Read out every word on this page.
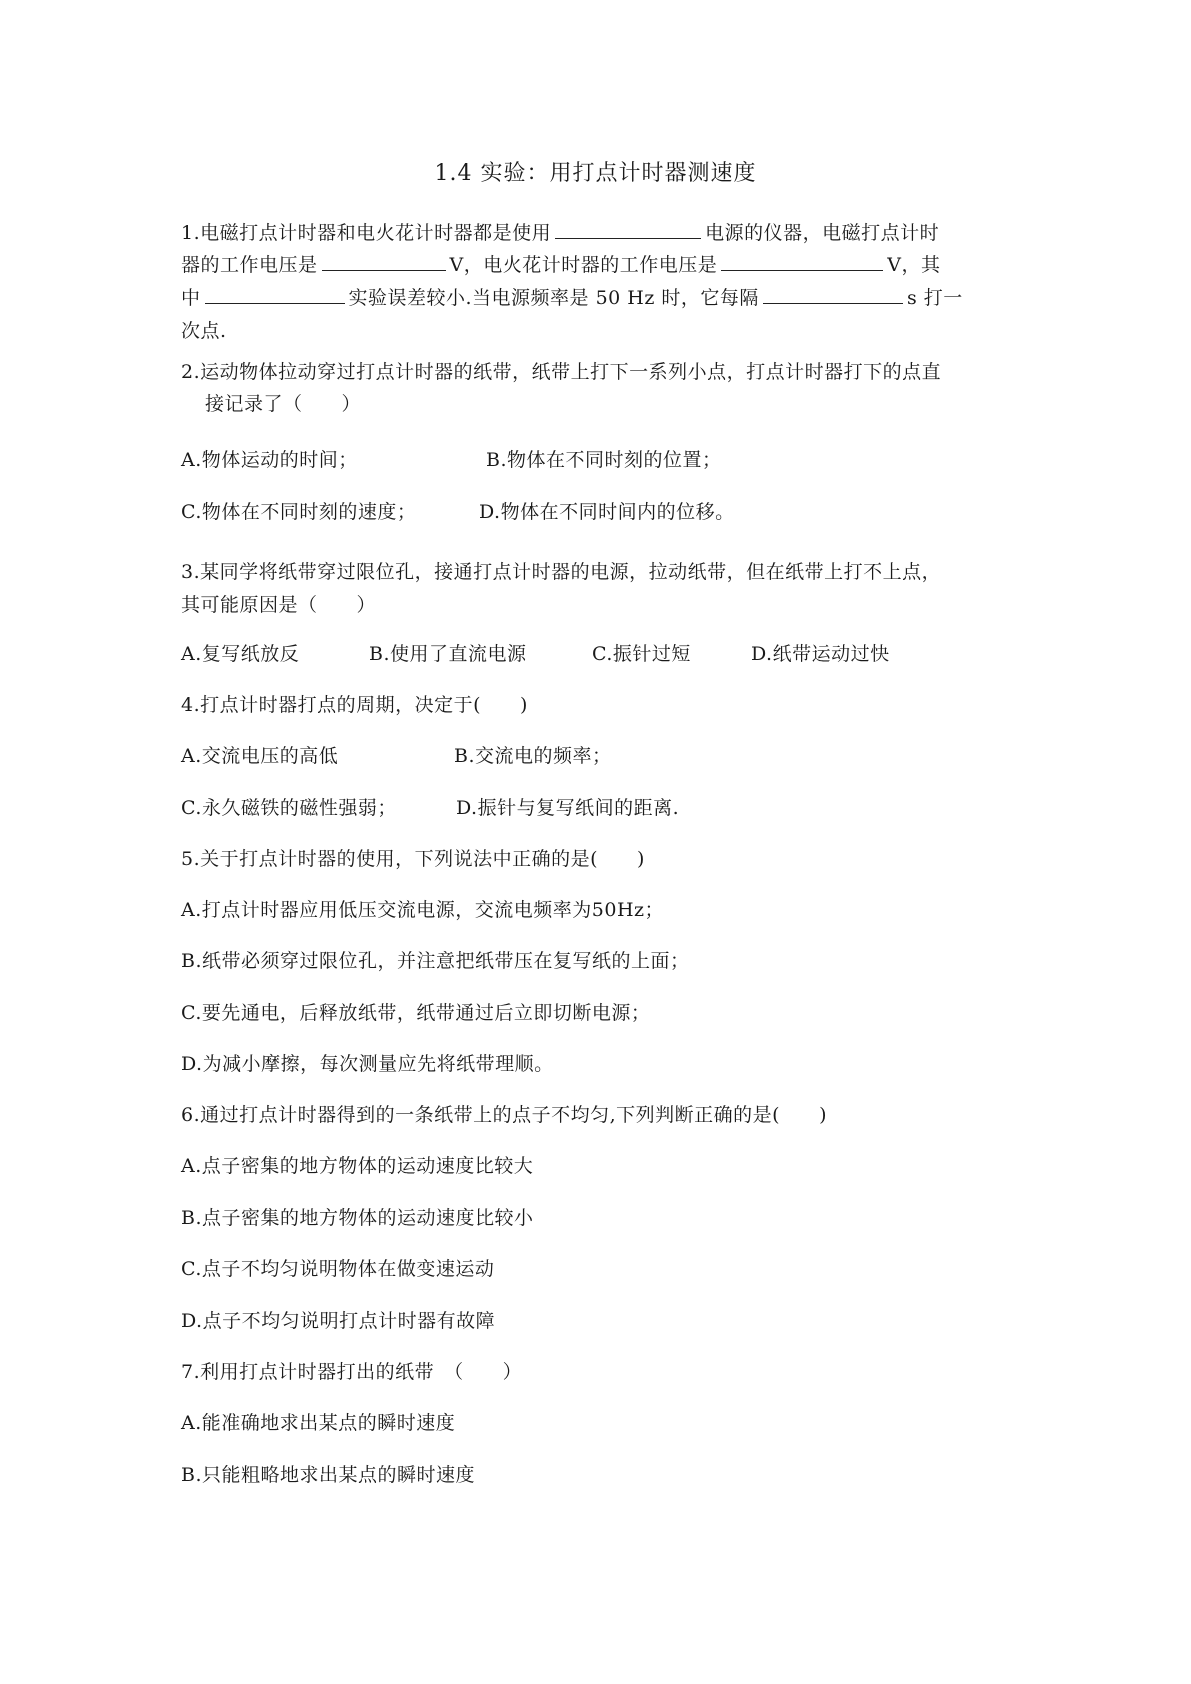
1.4 实验：用打点计时器测速度
1.电磁打点计时器和电火花计时器都是使用	电源的仪器，电磁打点计时
器的工作电压是	V，电火花计时器的工作电压是	V，其
中	实验误差较小.当电源频率是 50 Hz 时，它每隔	s 打一
次点.
2.运动物体拉动穿过打点计时器的纸带，纸带上打下一系列小点，打点计时器打下的点直
接记录了（　　）
A.物体运动的时间；	B.物体在不同时刻的位置；
C.物体在不同时刻的速度；	D.物体在不同时间内的位移。
3.某同学将纸带穿过限位孔，接通打点计时器的电源，拉动纸带，但在纸带上打不上点，
其可能原因是（　　）
A.复写纸放反	B.使用了直流电源	C.振针过短	D.纸带运动过快
4.打点计时器打点的周期，决定于(　　)
A.交流电压的高低	B.交流电的频率；
C.永久磁铁的磁性强弱；	D.振针与复写纸间的距离.
5.关于打点计时器的使用，下列说法中正确的是(　　)
A.打点计时器应用低压交流电源，交流电频率为50Hz；
B.纸带必须穿过限位孔，并注意把纸带压在复写纸的上面；
C.要先通电，后释放纸带，纸带通过后立即切断电源；
D.为减小摩擦，每次测量应先将纸带理顺。
6.通过打点计时器得到的一条纸带上的点子不均匀,下列判断正确的是(　　)
A.点子密集的地方物体的运动速度比较大
B.点子密集的地方物体的运动速度比较小
C.点子不均匀说明物体在做变速运动
D.点子不均匀说明打点计时器有故障
7.利用打点计时器打出的纸带　（　　）
A.能准确地求出某点的瞬时速度
B.只能粗略地求出某点的瞬时速度
